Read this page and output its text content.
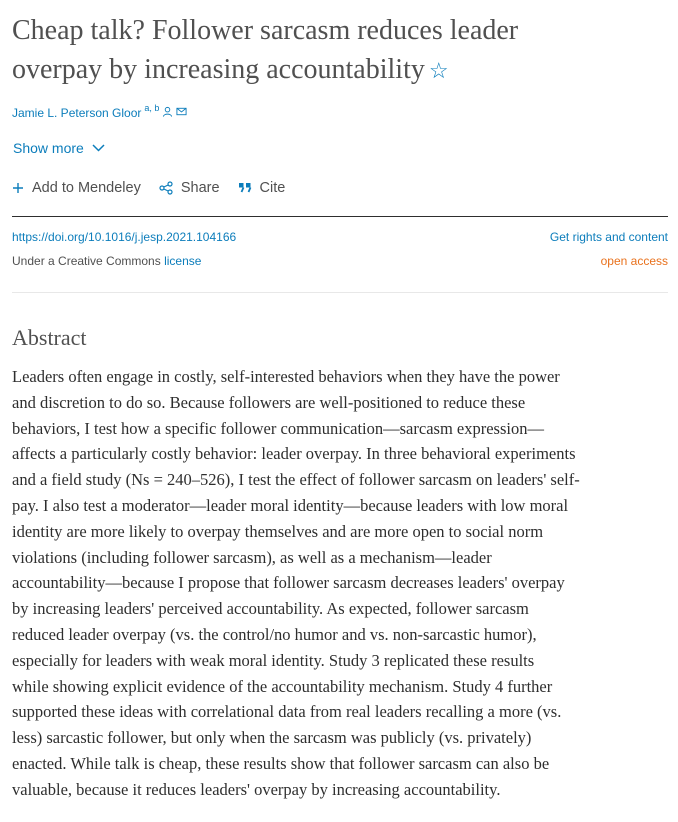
Cheap talk? Follower sarcasm reduces leader
overpay by increasing accountability ☆
Jamie L. Peterson Gloor $^{a, b}$
Show more
Add to Mendeley	Share	Cite
https://doi.org/10.1016/j.jesp.2021.104166
Under a Creative Commons license
Get rights and content
open access
Abstract

Leaders often engage in costly, self-interested behaviors when they have the power
and discretion to do so. Because followers are well-positioned to reduce these
behaviors, I test how a specific follower communication—sarcasm expression—
affects a particularly costly behavior: leader overpay. In three behavioral experiments
and a field study (Ns = 240–526), I test the effect of follower sarcasm on leaders' self-
pay. I also test a moderator—leader moral identity—because leaders with low moral
identity are more likely to overpay themselves and are more open to social norm
violations (including follower sarcasm), as well as a mechanism—leader
accountability—because I propose that follower sarcasm decreases leaders' overpay
by increasing leaders' perceived accountability. As expected, follower sarcasm
reduced leader overpay (vs. the control/no humor and vs. non-sarcastic humor),
especially for leaders with weak moral identity. Study 3 replicated these results
while showing explicit evidence of the accountability mechanism. Study 4 further
supported these ideas with correlational data from real leaders recalling a more (vs.
less) sarcastic follower, but only when the sarcasm was publicly (vs. privately)
enacted. While talk is cheap, these results show that follower sarcasm can also be
valuable, because it reduces leaders' overpay by increasing accountability.
